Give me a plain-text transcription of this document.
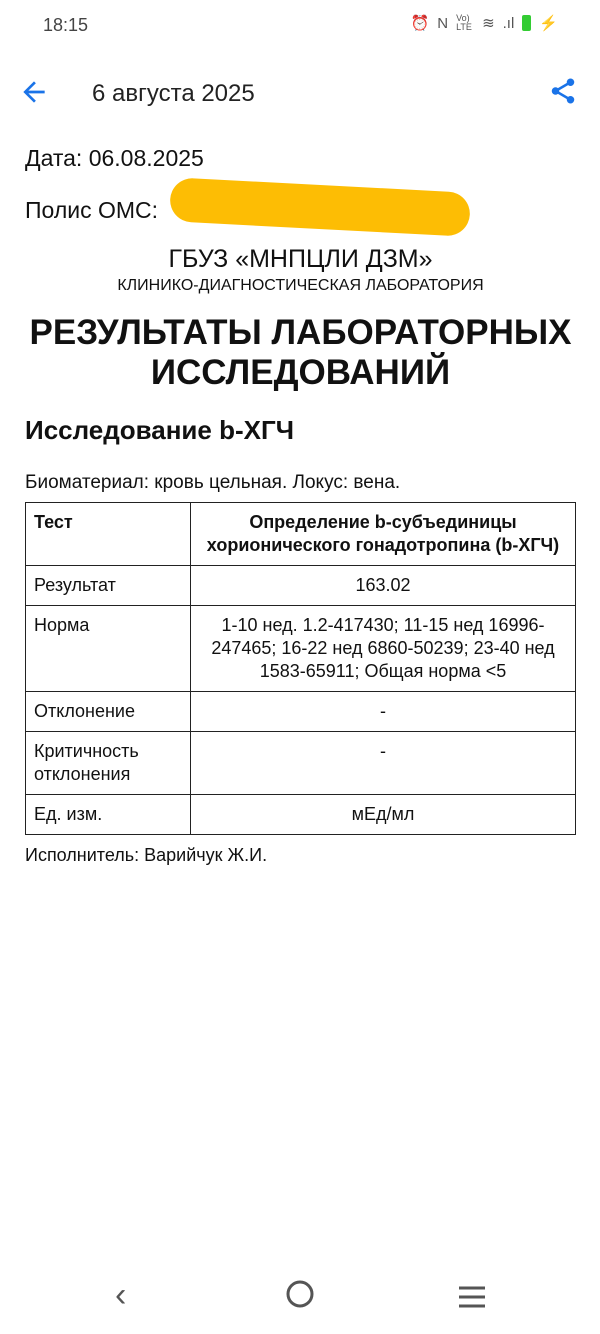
18:15	⏰ N Vo) LTE ≋ .ıl ⚡
6 августа 2025
Дата: 06.08.2025
Полис ОМС:
ГБУЗ «МНПЦЛИ ДЗМ»
КЛИНИКО-ДИАГНОСТИЧЕСКАЯ ЛАБОРАТОРИЯ
РЕЗУЛЬТАТЫ ЛАБОРАТОРНЫХ ИССЛЕДОВАНИЙ
Исследование b-ХГЧ
Биоматериал: кровь цельная. Локус: вена.
Тест	Определение b-субъединицы хорионического гонадотропина (b-ХГЧ)
Результат	163.02
Норма	1-10 нед. 1.2-417430; 11-15 нед 16996-247465; 16-22 нед 6860-50239; 23-40 нед 1583-65911; Общая норма <5
Отклонение	-
Критичность отклонения	-
Ед. изм.	мЕд/мл
Исполнитель: Варийчук Ж.И.
‹
